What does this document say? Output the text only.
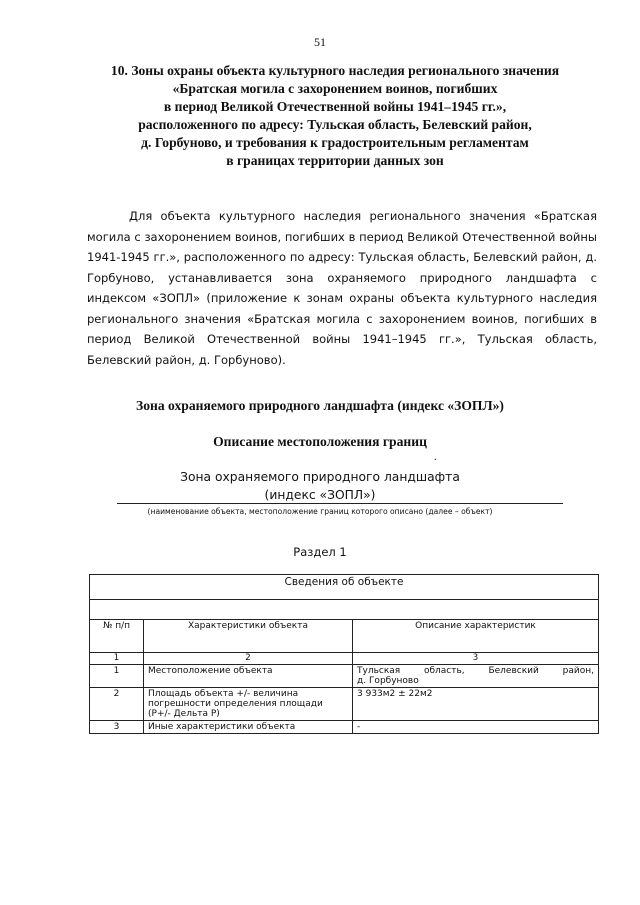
51
10. Зоны охраны объекта культурного наследия регионального значения
«Братская могила с захоронением воинов, погибших
в период Великой Отечественной войны 1941–1945 гг.»,
расположенного по адресу: Тульская область, Белевский район,
д. Горбуново, и требования к градостроительным регламентам
в границах территории данных зон

Для объекта культурного наследия регионального значения «Братская могила с захоронением воинов, погибших в период Великой Отечественной войны 1941-1945 гг.», расположенного по адресу: Тульская область, Белевский район, д. Горбуново, устанавливается зона охраняемого природного ландшафта с индексом «ЗОПЛ» (приложение к зонам охраны объекта культурного наследия регионального значения «Братская могила с захоронением воинов, погибших в период Великой Отечественной войны 1941–1945 гг.», Тульская область, Белевский район, д. Горбуново).

Зона охраняемого природного ландшафта (индекс «ЗОПЛ»)
Описание местоположения границ
.
Зона охраняемого природного ландшафта
(индекс «ЗОПЛ»)
(наименование объекта, местоположение границ которого описано (далее – объект)
Раздел 1
Сведения об объекте		

№ п/п	Характеристики объекта	Описание характеристик
1	2	3
1	Местоположение объекта	Тульская область, Белевский район,
д. Горбуново

2	Площадь объекта +/- величина погрешности определения площади (Р+/- Дельта Р)	3 933м2 ± 22м2
3	Иные характеристики объекта	-
